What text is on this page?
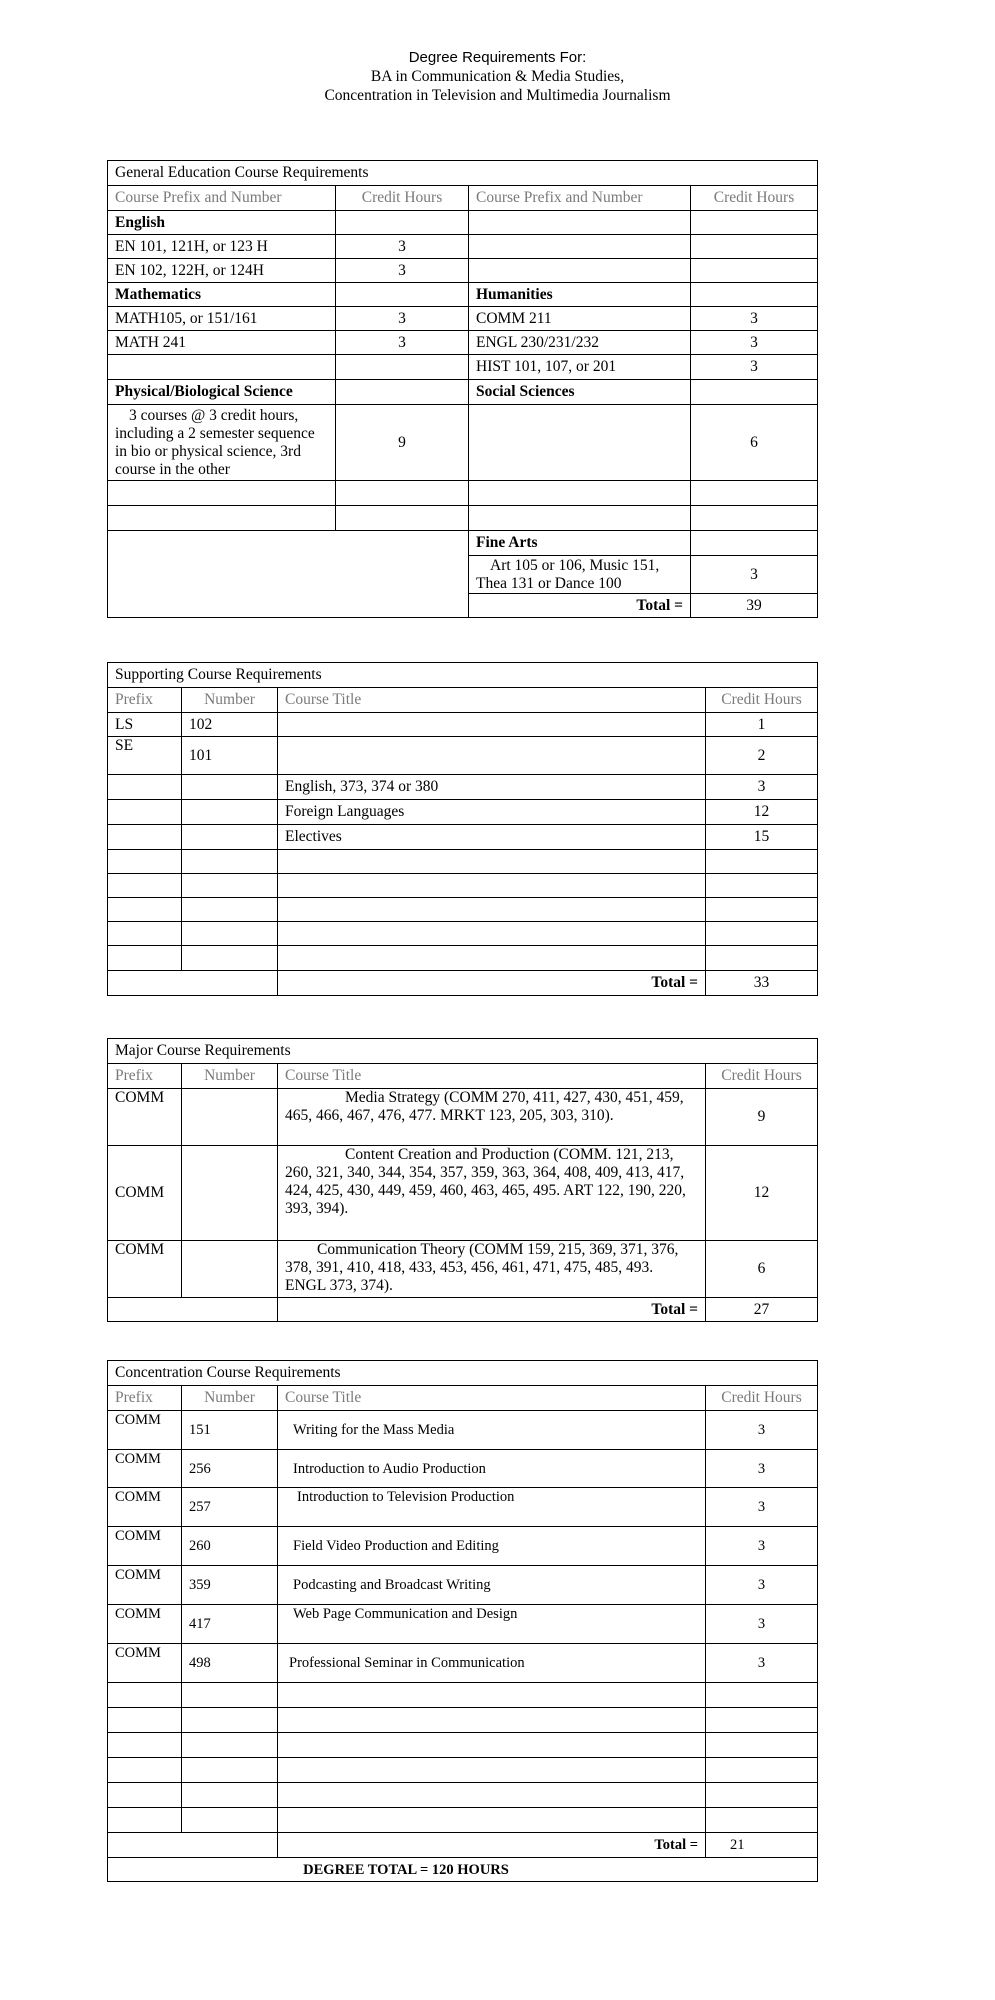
Degree Requirements For:
BA in Communication & Media Studies,
Concentration in Television and Multimedia Journalism
General Education Course Requirements			
Course Prefix and Number	Credit Hours	Course Prefix and Number	Credit Hours
English			
EN 101, 121H, or 123 H	3		
EN 102, 122H, or 124H	3		
Mathematics		Humanities	
MATH105, or 151/161	3	COMM 211	3
MATH 241	3	ENGL 230/231/232	3
		HIST 101, 107, or 201	3
Physical/Biological Science		Social Sciences	
3 courses @ 3 credit hours, including a 2 semester sequence in bio or physical science, 3rd course in the other	9		6

		Fine Arts	
		Art 105 or 106, Music 151, Thea 131 or Dance 100	3
		Total =	39
Supporting Course Requirements			
Prefix	Number	Course Title	Credit Hours
LS	102		1
SE	101		2
		English, 373, 374 or 380	3
		Foreign Languages	12
		Electives	15

		Total =	33
Major Course Requirements			
Prefix	Number	Course Title	Credit Hours
COMM		Media Strategy (COMM 270, 411, 427, 430, 451, 459, 465, 466, 467, 476, 477. MRKT 123, 205, 303, 310).	9
COMM		Content Creation and Production (COMM. 121, 213, 260, 321, 340, 344, 354, 357, 359, 363, 364, 408, 409, 413, 417, 424, 425, 430, 449, 459, 460, 463, 465, 495. ART 122, 190, 220, 393, 394).	12
COMM		Communication Theory (COMM 159, 215, 369, 371, 376, 378, 391, 410, 418, 433, 453, 456, 461, 471, 475, 485, 493. ENGL 373, 374).	6
		Total =	27
Concentration Course Requirements			
Prefix	Number	Course Title	Credit Hours
COMM	151	Writing for the Mass Media	3
COMM	256	Introduction to Audio Production	3
COMM	257	Introduction to Television Production	3
COMM	260	Field Video Production and Editing	3
COMM	359	Podcasting and Broadcast Writing	3
COMM	417	Web Page Communication and Design	3
COMM	498	Professional Seminar in Communication	3

		Total =	21
DEGREE TOTAL = 120 HOURS			
